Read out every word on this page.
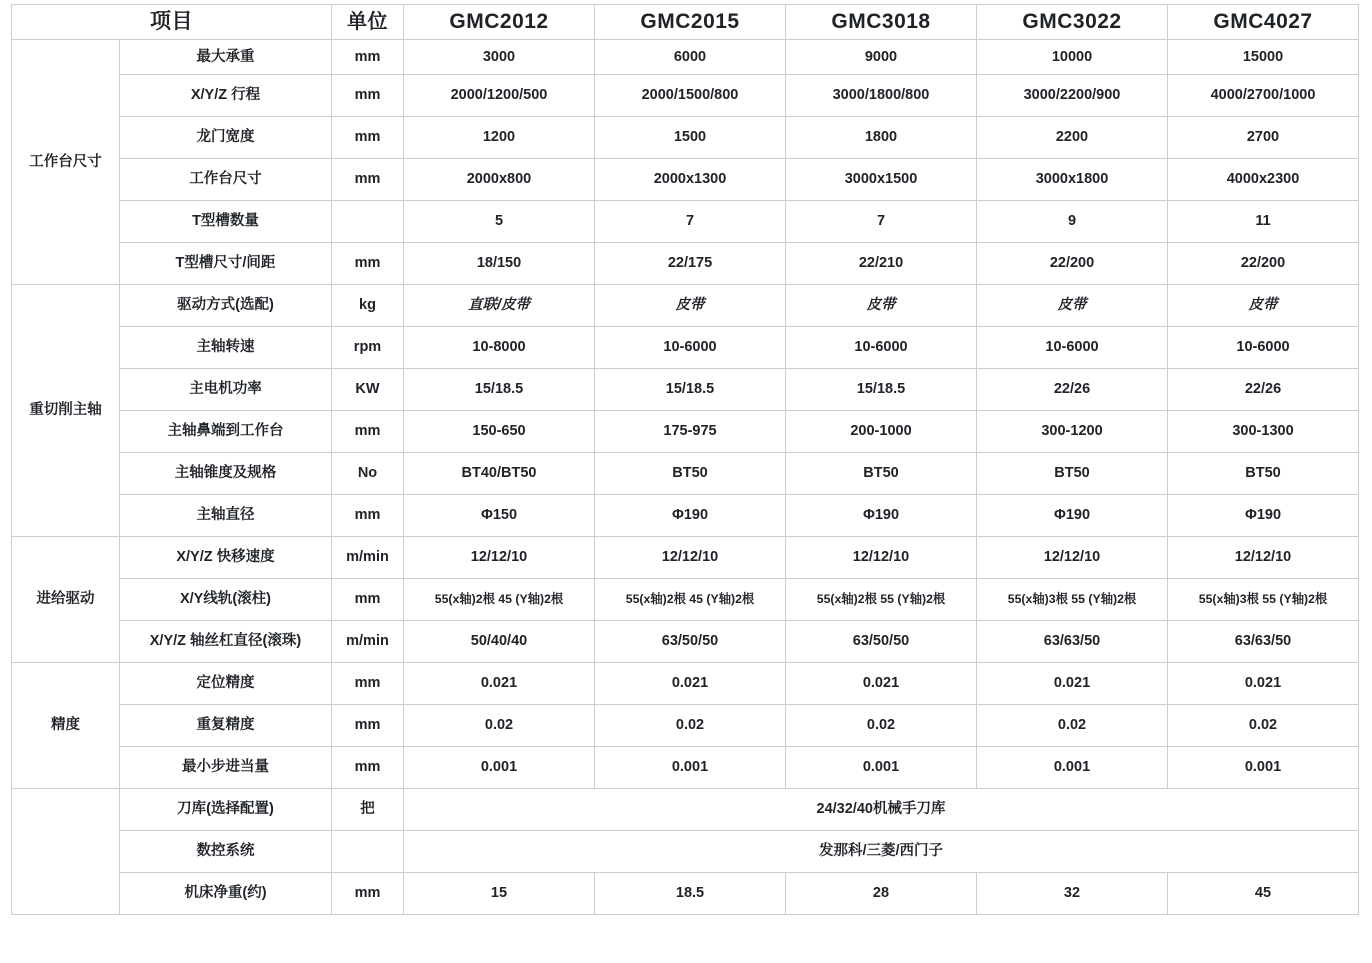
项目		单位	GMC2012	GMC2015	GMC3018	GMC3022	GMC4027
工作台尺寸	最大承重	mm	3000	6000	9000	10000	15000
	X/Y/Z 行程	mm	2000/1200/500	2000/1500/800	3000/1800/800	3000/2200/900	4000/2700/1000
	龙门宽度	mm	1200	1500	1800	2200	2700
	工作台尺寸	mm	2000x800	2000x1300	3000x1500	3000x1800	4000x2300
	T型槽数量		5	7	7	9	11
	T型槽尺寸/间距	mm	18/150	22/175	22/210	22/200	22/200
重切削主轴	驱动方式(选配)	kg	直联/皮带	皮带	皮带	皮带	皮带
	主轴转速	rpm	10-8000	10-6000	10-6000	10-6000	10-6000
	主电机功率	KW	15/18.5	15/18.5	15/18.5	22/26	22/26
	主轴鼻端到工作台	mm	150-650	175-975	200-1000	300-1200	300-1300
	主轴锥度及规格	No	BT40/BT50	BT50	BT50	BT50	BT50
	主轴直径	mm	Φ150	Φ190	Φ190	Φ190	Φ190
进给驱动	X/Y/Z 快移速度	m/min	12/12/10	12/12/10	12/12/10	12/12/10	12/12/10
	X/Y线轨(滚柱)	mm	55(x轴)2根 45 (Y轴)2根	55(x轴)2根 45 (Y轴)2根	55(x轴)2根 55 (Y轴)2根	55(x轴)3根 55 (Y轴)2根	55(x轴)3根 55 (Y轴)2根
	X/Y/Z 轴丝杠直径(滚珠)	m/min	50/40/40	63/50/50	63/50/50	63/63/50	63/63/50
精度	定位精度	mm	0.021	0.021	0.021	0.021	0.021
	重复精度	mm	0.02	0.02	0.02	0.02	0.02
	最小步进当量	mm	0.001	0.001	0.001	0.001	0.001
	刀库(选择配置)	把	24/32/40机械手刀库				
	数控系统		发那科/三菱/西门子				
	机床净重(约)	mm	15	18.5	28	32	45
